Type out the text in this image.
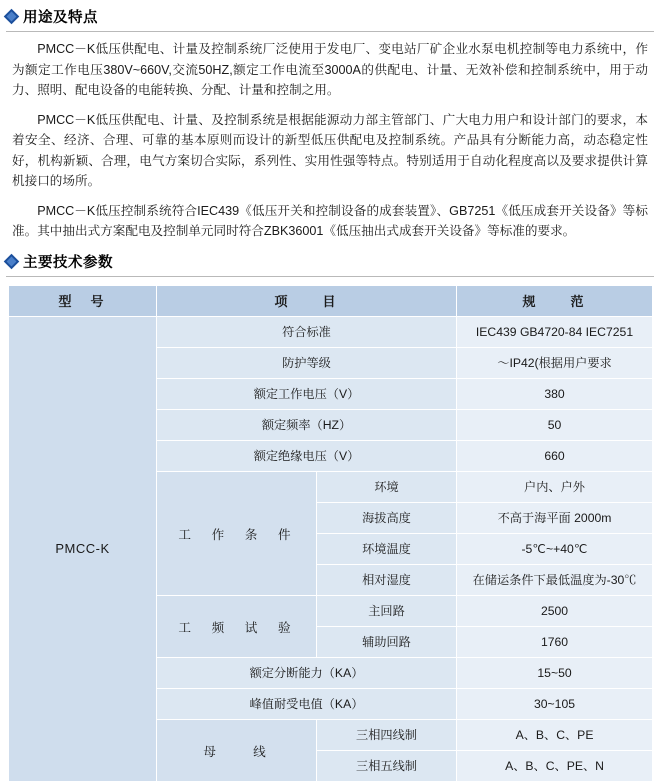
用途及特点

PMCC－K低压供配电、计量及控制系统厂泛使用于发电厂、变电站厂矿企业水泵电机控制等电力系统中，作为额定工作电压380V~660V,交流50HZ,额定工作电流至3000A的供配电、计量、无效补偿和控制系统中，用于动力、照明、配电设备的电能转换、分配、计量和控制之用。

PMCC－K低压供配电、计量、及控制系统是根据能源动力部主管部门、广大电力用户和设计部门的要求，本着安全、经济、合理、可靠的基本原则而设计的新型低压供配电及控制系统。产品具有分断能力高，动态稳定性好，机构新颖、合理，电气方案切合实际，系列性、实用性强等特点。特别适用于自动化程度高以及要求提供计算机接口的场所。

PMCC－K低压控制系统符合IEC439《低压开关和控制设备的成套装置》、GB7251《低压成套开关设备》等标准。其中抽出式方案配电及控制单元同时符合ZBK36001《低压抽出式成套开关设备》等标准的要求。

主要技术参数
型　号	项　　目		规　　范
PMCC-K	符合标准		IEC439 GB4720-84 IEC7251
	防护等级		～IP42(根据用户要求
	额定工作电压（V）		380
	额定频率（HZ）		50
	额定绝缘电压（V）		660
	工　作　条　件	环境	户内、户外
		海拔高度	不高于海平面 2000m
		环境温度	-5℃~+40℃
		相对湿度	在储运条件下最低温度为-30℃
	工　频　试　验	主回路	2500
		辅助回路	1760
	额定分断能力（KA）		15~50
	峰值耐受电值（KA）		30~105
	母　　线	三相四线制	A、B、C、PE
		三相五线制	A、B、C、PE、N
